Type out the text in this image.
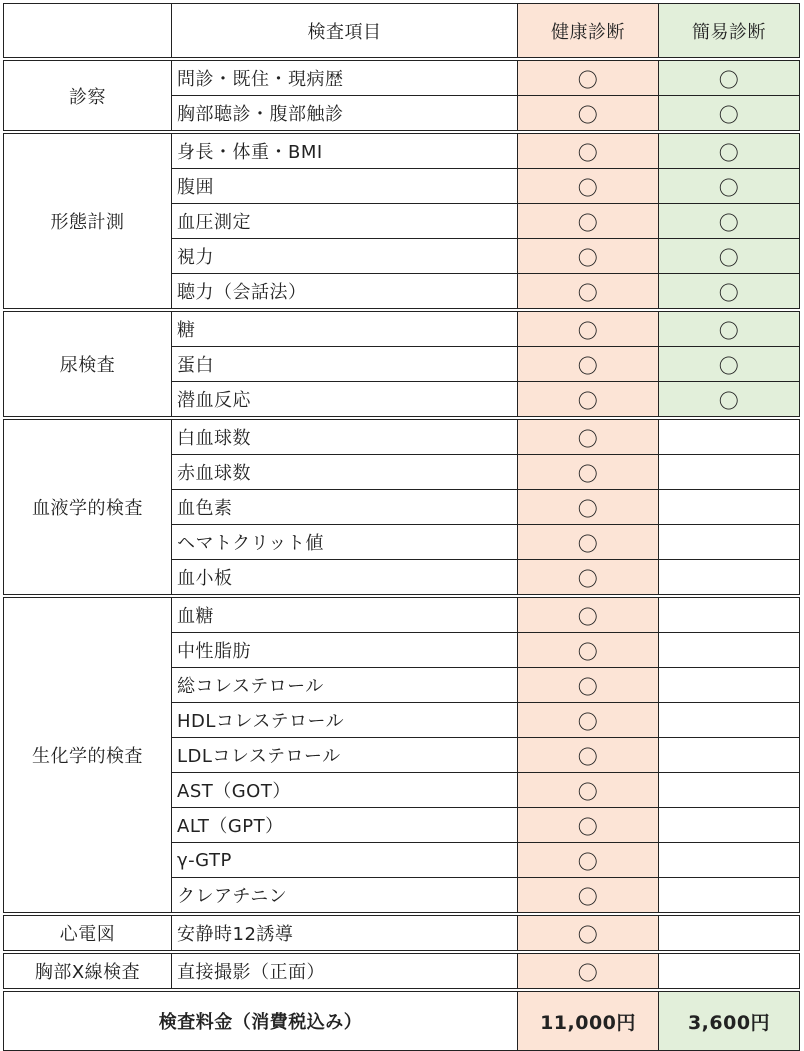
	検査項目	健康診断	簡易診断

診察	問診・既住・現病歴	〇	〇
	胸部聴診・腹部触診	〇	〇

形態計測	身長・体重・BMI	〇	〇
	腹囲	〇	〇
	血圧測定	〇	〇
	視力	〇	〇
	聴力（会話法）	〇	〇

尿検査	糖	〇	〇
	蛋白	〇	〇
	潜血反応	〇	〇

血液学的検査	白血球数	〇	
	赤血球数	〇	
	血色素	〇	
	ヘマトクリット値	〇	
	血小板	〇	

生化学的検査	血糖	〇	
	中性脂肪	〇	
	総コレステロール	〇	
	HDLコレステロール	〇	
	LDLコレステロール	〇	
	AST（GOT）	〇	
	ALT（GPT）	〇	
	γ-GTP	〇	
	クレアチニン	〇	

心電図	安静時12誘導	〇	

胸部X線検査	直接撮影（正面）	〇	

検査料金（消費税込み）		11,000円	3,600円
